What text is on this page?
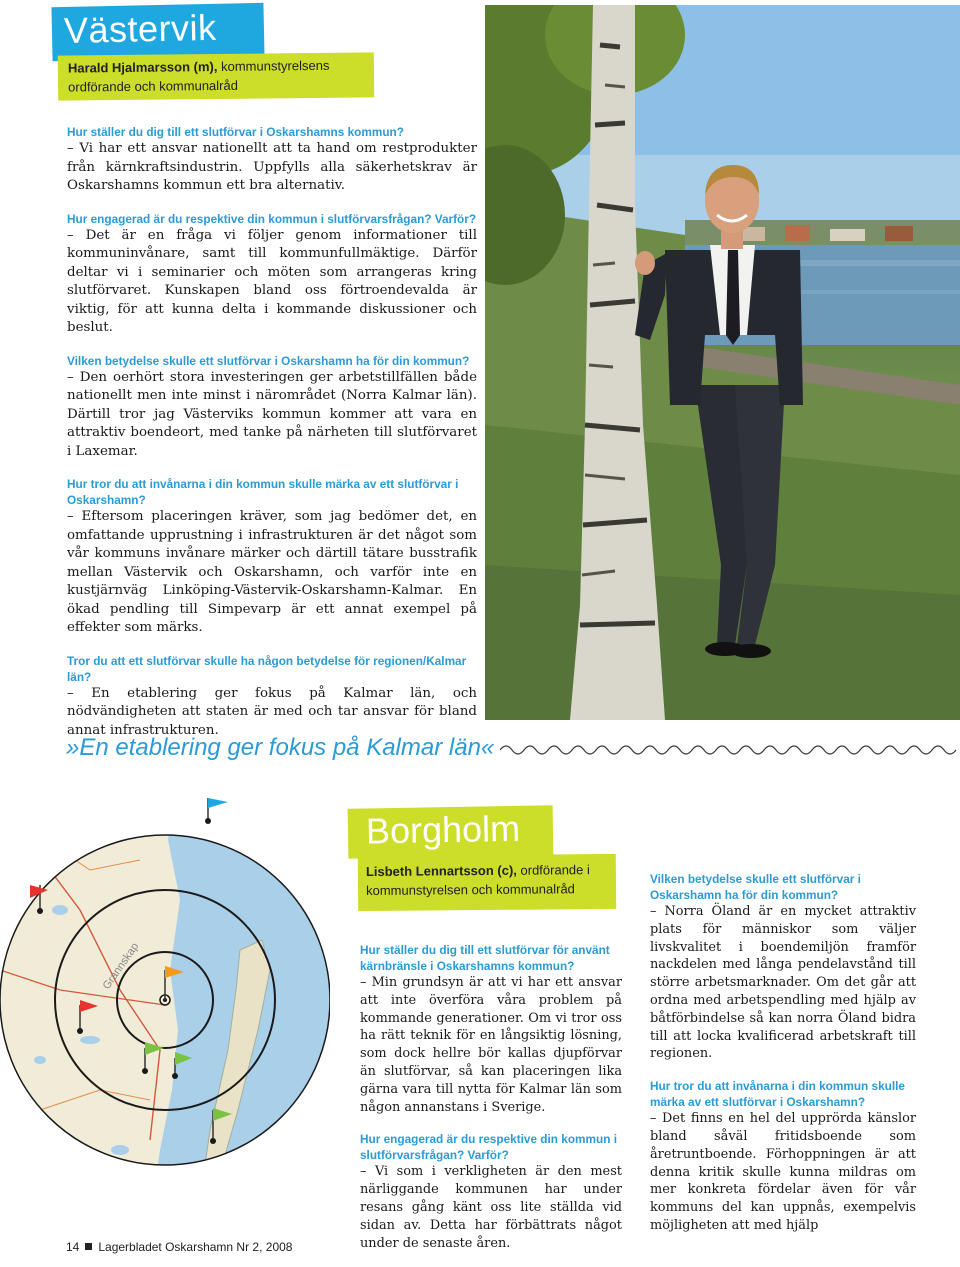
Västervik
Harald Hjalmarsson (m), kommunstyrelsens ordförande och kommunalråd
Hur ställer du dig till ett slutförvar i Oskarshamns kommun?

– Vi har ett ansvar nationellt att ta hand om restprodukter från kärnkraftsindustrin. Uppfylls alla säkerhetskrav är Oskarshamns kommun ett bra alternativ.

Hur engagerad är du respektive din kommun i slutförvarsfrågan? Varför?

– Det är en fråga vi följer genom informationer till kommuninvånare, samt till kommunfullmäktige. Därför deltar vi i seminarier och möten som arrangeras kring slutförvaret. Kunskapen bland oss förtroendevalda är viktig, för att kunna delta i kommande diskussioner och beslut.

Vilken betydelse skulle ett slutförvar i Oskarshamn ha för din kommun?

– Den oerhört stora investeringen ger arbetstillfällen både nationellt men inte minst i närområdet (Norra Kalmar län). Därtill tror jag Västerviks kommun kommer att vara en attraktiv boendeort, med tanke på närheten till slutförvaret i Laxemar.

Hur tror du att invånarna i din kommun skulle märka av ett slutförvar i Oskarshamn?

– Eftersom placeringen kräver, som jag bedömer det, en omfattande upprustning i infrastrukturen är det något som vår kommuns invånare märker och därtill tätare busstrafik mellan Västervik och Oskarshamn, och varför inte en kustjärnväg Linköping-Västervik-Oskarshamn-Kalmar. En ökad pendling till Simpevarp är ett annat exempel på effekter som märks.

Tror du att ett slutförvar skulle ha någon betydelse för regionen/Kalmar län?

– En etablering ger fokus på Kalmar län, och nödvändigheten att staten är med och tar ansvar för bland annat infrastrukturen.

»En etablering ger fokus på Kalmar län«
Grannskap
Borgholm
Lisbeth Lennartsson (c), ordförande i kommunstyrelsen och kommunalråd
Hur ställer du dig till ett slutförvar för använt kärnbränsle i Oskarshamns kommun?

– Min grundsyn är att vi har ett ansvar att inte överföra våra problem på kommande generationer. Om vi tror oss ha rätt teknik för en långsiktig lösning, som dock hellre bör kallas djupförvar än slutförvar, så kan placeringen lika gärna vara till nytta för Kalmar län som någon annanstans i Sverige.

Hur engagerad är du respektive din kommun i slutförvarsfrågan? Varför?

– Vi som i verkligheten är den mest närliggande kommunen har under resans gång känt oss lite ställda vid sidan av. Detta har förbättrats något under de senaste åren.

Vilken betydelse skulle ett slutförvar i Oskarshamn ha för din kommun?

– Norra Öland är en mycket attraktiv plats för människor som väljer livskvalitet i boendemiljön framför nackdelen med långa pendelavstånd till större arbetsmarknader. Om det går att ordna med arbetspendling med hjälp av båtförbindelse så kan norra Öland bidra till att locka kvalificerad arbetskraft till regionen.

Hur tror du att invånarna i din kommun skulle märka av ett slutförvar i Oskarshamn?

– Det finns en hel del upprörda känslor bland såväl fritidsboende som åretruntboende. Förhoppningen är att denna kritik skulle kunna mildras om mer konkreta fördelar även för vår kommuns del kan uppnås, exempelvis möjligheten att med hjälp

14 Lagerbladet Oskarshamn Nr 2, 2008
